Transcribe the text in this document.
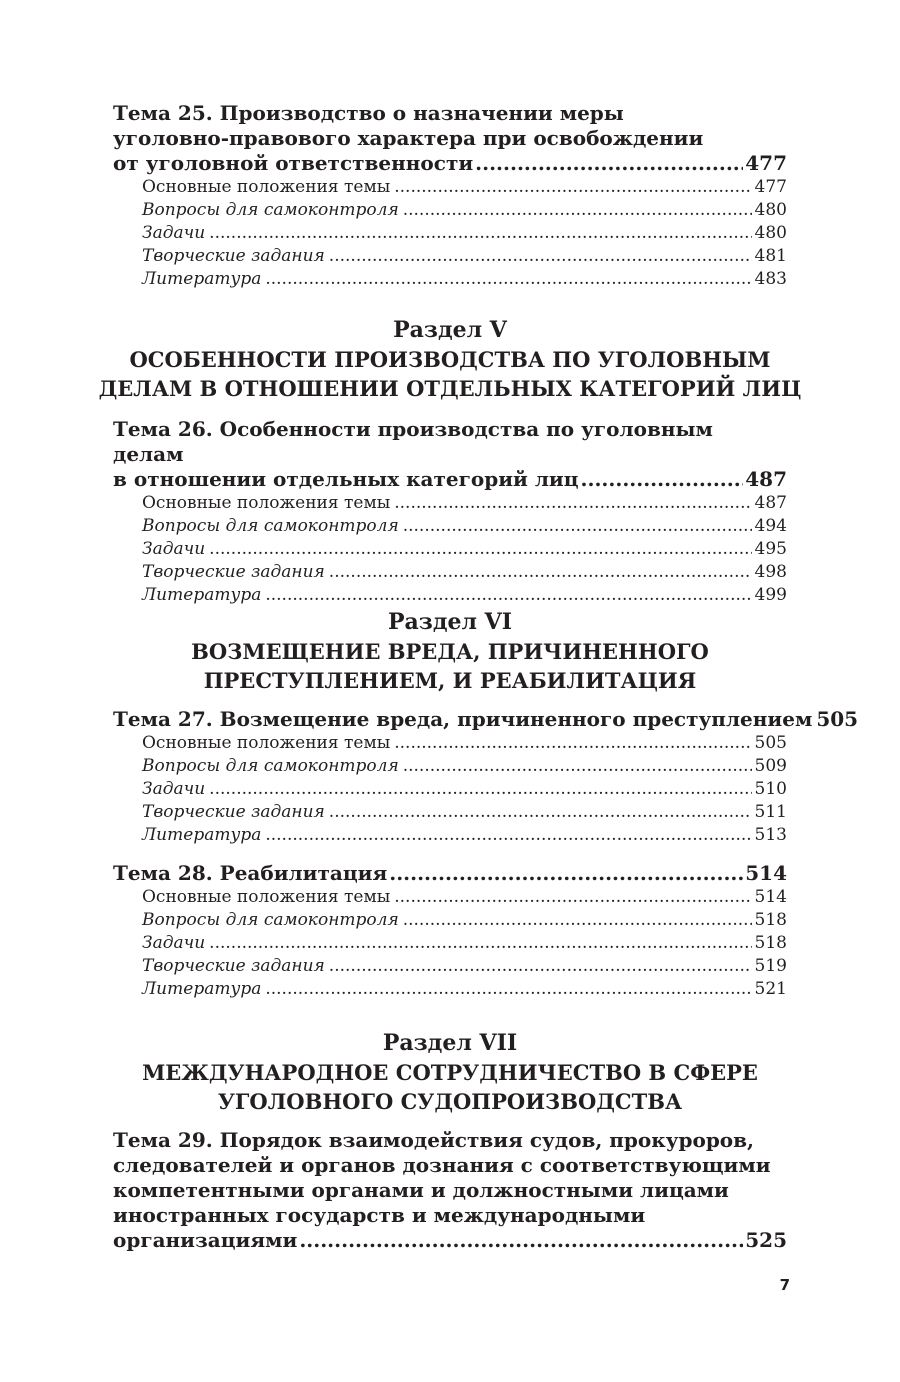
Тема 25. Производство о назначении меры
уголовно-правового характера при освобождении
от уголовной ответственности .....	477
Основные положения темы .....	477
Вопросы для самоконтроля .....	480
Задачи .....	480
Творческие задания .....	481
Литература .....	483
Раздел V
ОСОБЕННОСТИ ПРОИЗВОДСТВА ПО УГОЛОВНЫМ
ДЕЛАМ В ОТНОШЕНИИ ОТДЕЛЬНЫХ КАТЕГОРИЙ ЛИЦ
Тема 26. Особенности производства по уголовным делам
в отношении отдельных категорий лиц .....	487
Основные положения темы .....	487
Вопросы для самоконтроля .....	494
Задачи .....	495
Творческие задания .....	498
Литература .....	499
Раздел VI
ВОЗМЕЩЕНИЕ ВРЕДА, ПРИЧИНЕННОГО
ПРЕСТУПЛЕНИЕМ, И РЕАБИЛИТАЦИЯ
Тема 27. Возмещение вреда, причиненного преступлением 505
Основные положения темы .....	505
Вопросы для самоконтроля .....	509
Задачи .....	510
Творческие задания .....	511
Литература .....	513
Тема 28. Реабилитация .....	514
Основные положения темы .....	514
Вопросы для самоконтроля .....	518
Задачи .....	518
Творческие задания .....	519
Литература .....	521
Раздел VII
МЕЖДУНАРОДНОЕ СОТРУДНИЧЕСТВО В СФЕРЕ
УГОЛОВНОГО СУДОПРОИЗВОДСТВА
Тема 29. Порядок взаимодействия судов, прокуроров,
следователей и органов дознания с соответствующими
компетентными органами и должностными лицами
иностранных государств и международными
организациями .....	525
7
